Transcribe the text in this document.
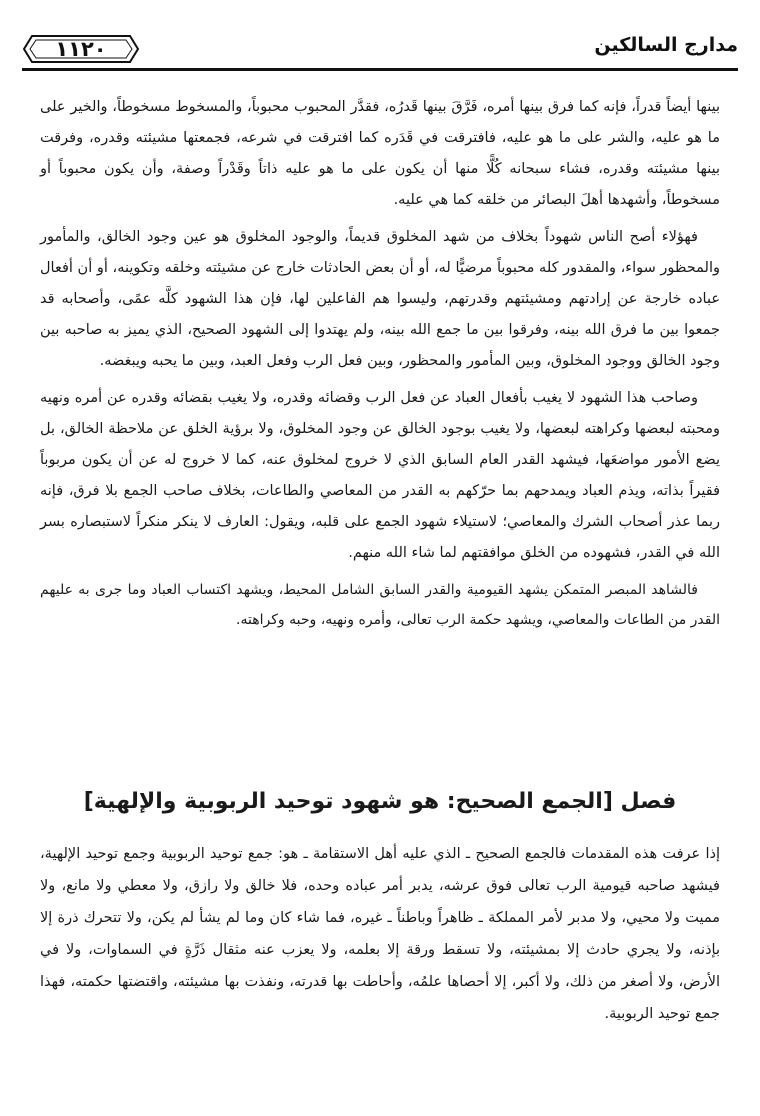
١١٢٠	مدارج السالكين

بينها أيضاً قدراً، فإنه كما فرق بينها أمره، فَرَّقَ بينها قَدرُه، فقدَّر المحبوب محبوباً، والمسخوط مسخوطاً، والخير على ما هو عليه، والشر على ما هو عليه، فافترقت في قَدَره كما افترقت في شرعه، فجمعتها مشيئته وقدره، وفرقت بينها مشيئته وقدره، فشاء سبحانه كُلًّا منها أن يكون على ما هو عليه ذاتاً وقَدْراً وصفة، وأن يكون محبوباً أو مسخوطاً، وأشهدها أهلَ البصائر من خلقه كما هي عليه.

فهؤلاء أصح الناس شهوداً بخلاف من شهد المخلوق قديماً، والوجود المخلوق هو عين وجود الخالق، والمأمور والمحظور سواء، والمقدور كله محبوباً مرضيًّا له، أو أن بعض الحادثات خارج عن مشيئته وخلقه وتكوينه، أو أن أفعال عباده خارجة عن إرادتهم ومشيئتهم وقدرتهم، وليسوا هم الفاعلين لها، فإن هذا الشهود كلَّه عمًى، وأصحابه قد جمعوا بين ما فرق الله بينه، وفرقوا بين ما جمع الله بينه، ولم يهتدوا إلى الشهود الصحيح، الذي يميز به صاحبه بين وجود الخالق ووجود المخلوق، وبين المأمور والمحظور، وبين فعل الرب وفعل العبد، وبين ما يحبه ويبغضه.

وصاحب هذا الشهود لا يغيب بأفعال العباد عن فعل الرب وقضائه وقدره، ولا يغيب بقضائه وقدره عن أمره ونهيه ومحبته لبعضها وكراهته لبعضها، ولا يغيب بوجود الخالق عن وجود المخلوق، ولا برؤية الخلق عن ملاحظة الخالق، بل يضع الأمور مواضعَها، فيشهد القدر العام السابق الذي لا خروج لمخلوق عنه، كما لا خروج له عن أن يكون مربوباً فقيراً بذاته، ويذم العباد ويمدحهم بما حرّكهم به القدر من المعاصي والطاعات، بخلاف صاحب الجمع بلا فرق، فإنه ربما عذر أصحاب الشرك والمعاصي؛ لاستيلاء شهود الجمع على قلبه، ويقول: العارف لا ينكر منكراً لاستبصاره بسر الله في القدر، فشهوده من الخلق موافقتهم لما شاء الله منهم.

فالشاهد المبصر المتمكن يشهد القيومية والقدر السابق الشامل المحيط، ويشهد اكتساب العباد وما جرى به عليهم القدر من الطاعات والمعاصي، ويشهد حكمة الرب تعالى، وأمره ونهيه، وحبه وكراهته.

فصل [الجمع الصحيح: هو شهود توحيد الربوبية والإلهية]

إذا عرفت هذه المقدمات فالجمع الصحيح ـ الذي عليه أهل الاستقامة ـ هو: جمع توحيد الربوبية وجمع توحيد الإلهية، فيشهد صاحبه قيومية الرب تعالى فوق عرشه، يدبر أمر عباده وحده، فلا خالق ولا رازق، ولا معطي ولا مانع، ولا مميت ولا محيي، ولا مدبر لأمر المملكة ـ ظاهراً وباطناً ـ غيره، فما شاء كان وما لم يشأ لم يكن، ولا تتحرك ذرة إلا بإذنه، ولا يجري حادث إلا بمشيئته، ولا تسقط ورقة إلا بعلمه، ولا يعزب عنه مثقال ذَرَّةٍ في السماوات، ولا في الأرض، ولا أصغر من ذلك، ولا أكبر، إلا أحصاها علمُه، وأحاطت بها قدرته، ونفذت بها مشيئته، واقتضتها حكمته، فهذا جمع توحيد الربوبية.
